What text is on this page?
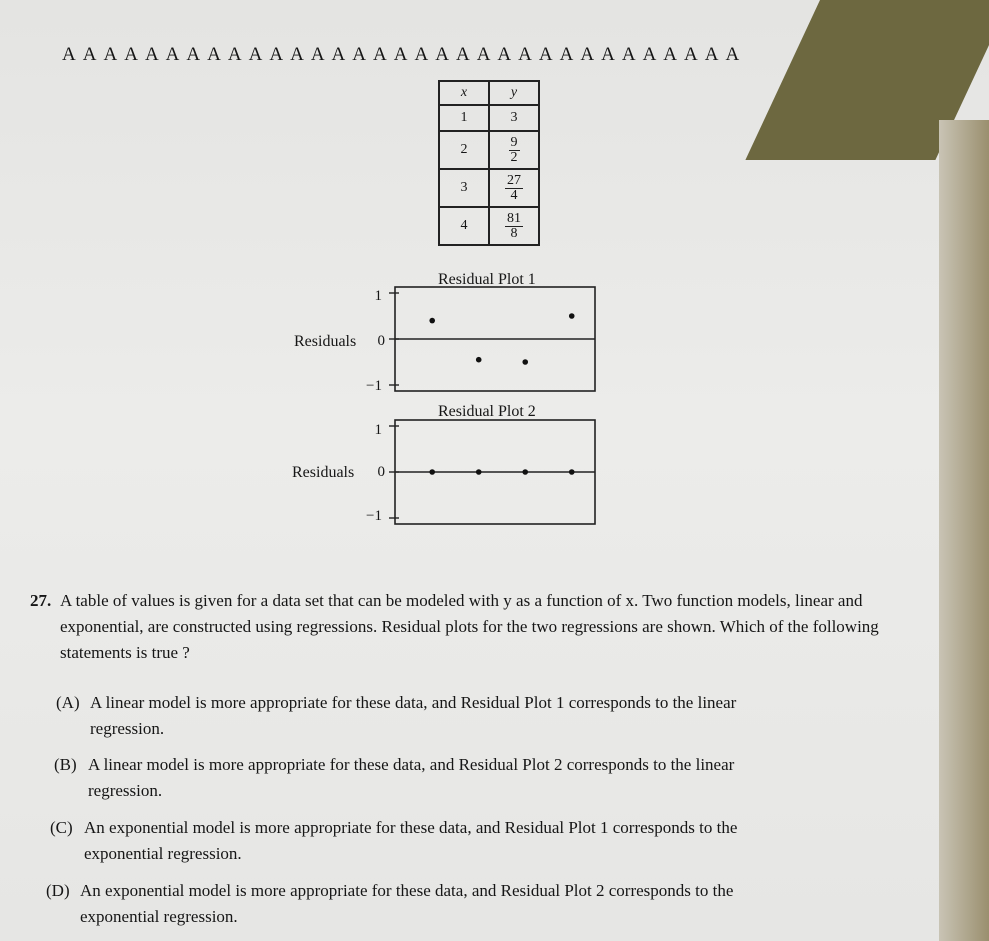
A A A A A A A A A A A A A A A A A A A A A A A A A A A A A A A A A
x	y
1	3
2	$\frac{9}{2}$

3	$\frac{27}{4}$

4	$\frac{81}{8}$
Residual Plot 1
Residuals
1
0
−1
Residual Plot 2
Residuals
1
0
−1
27. A table of values is given for a data set that can be modeled with y as a function of x. Two function models, linear and exponential, are constructed using regressions. Residual plots for the two regressions are shown. Which of the following statements is true ?
(A) A linear model is more appropriate for these data, and Residual Plot 1 corresponds to the linear
regression.
(B) A linear model is more appropriate for these data, and Residual Plot 2 corresponds to the linear
regression.
(C) An exponential model is more appropriate for these data, and Residual Plot 1 corresponds to the
exponential regression.
(D) An exponential model is more appropriate for these data, and Residual Plot 2 corresponds to the
exponential regression.
